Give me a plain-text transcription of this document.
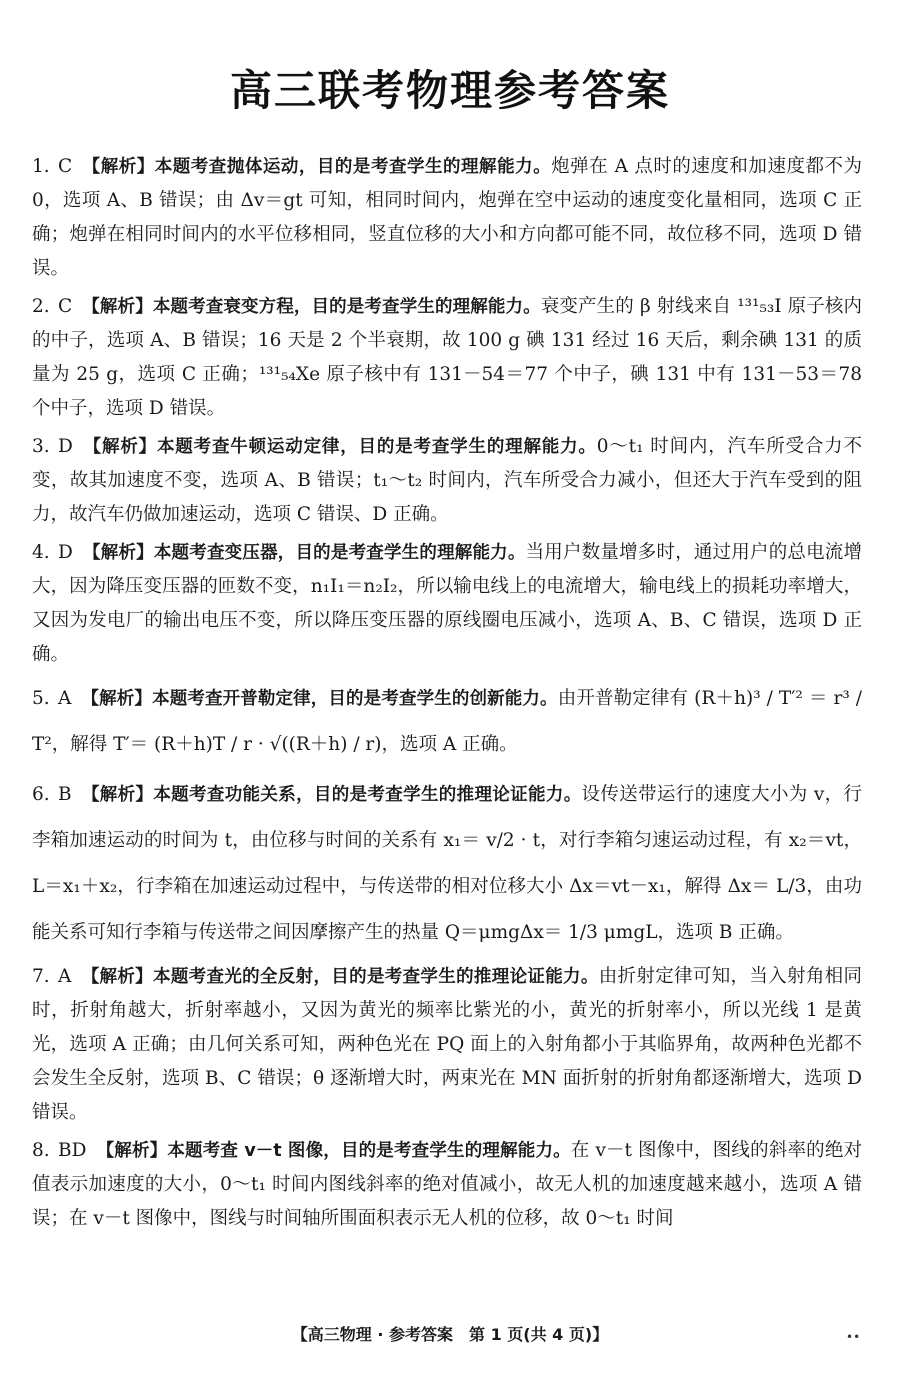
高三联考物理参考答案
1. C 【解析】本题考查抛体运动，目的是考查学生的理解能力。炮弹在 A 点时的速度和加速度都不为 0，选项 A、B 错误；由 Δv＝gt 可知，相同时间内，炮弹在空中运动的速度变化量相同，选项 C 正确；炮弹在相同时间内的水平位移相同，竖直位移的大小和方向都可能不同，故位移不同，选项 D 错误。
2. C 【解析】本题考查衰变方程，目的是考查学生的理解能力。衰变产生的 β 射线来自 ¹³¹₅₃I 原子核内的中子，选项 A、B 错误；16 天是 2 个半衰期，故 100 g 碘 131 经过 16 天后，剩余碘 131 的质量为 25 g，选项 C 正确；¹³¹₅₄Xe 原子核中有 131－54＝77 个中子，碘 131 中有 131－53＝78 个中子，选项 D 错误。
3. D 【解析】本题考查牛顿运动定律，目的是考查学生的理解能力。0～t₁ 时间内，汽车所受合力不变，故其加速度不变，选项 A、B 错误；t₁～t₂ 时间内，汽车所受合力减小，但还大于汽车受到的阻力，故汽车仍做加速运动，选项 C 错误、D 正确。
4. D 【解析】本题考查变压器，目的是考查学生的理解能力。当用户数量增多时，通过用户的总电流增大，因为降压变压器的匝数不变，n₁I₁＝n₂I₂，所以输电线上的电流增大，输电线上的损耗功率增大，又因为发电厂的输出电压不变，所以降压变压器的原线圈电压减小，选项 A、B、C 错误，选项 D 正确。
5. A 【解析】本题考查开普勒定律，目的是考查学生的创新能力。由开普勒定律有 (R＋h)³ / T′² ＝ r³ / T²，解得 T′＝ (R＋h)T / r · √((R＋h) / r)，选项 A 正确。
6. B 【解析】本题考查功能关系，目的是考查学生的推理论证能力。设传送带运行的速度大小为 v，行李箱加速运动的时间为 t，由位移与时间的关系有 x₁＝ v/2 · t，对行李箱匀速运动过程，有 x₂＝vt，L＝x₁＋x₂，行李箱在加速运动过程中，与传送带的相对位移大小 Δx＝vt－x₁，解得 Δx＝ L/3，由功能关系可知行李箱与传送带之间因摩擦产生的热量 Q＝μmgΔx＝ 1/3 μmgL，选项 B 正确。
7. A 【解析】本题考查光的全反射，目的是考查学生的推理论证能力。由折射定律可知，当入射角相同时，折射角越大，折射率越小，又因为黄光的频率比紫光的小，黄光的折射率小，所以光线 1 是黄光，选项 A 正确；由几何关系可知，两种色光在 PQ 面上的入射角都小于其临界角，故两种色光都不会发生全反射，选项 B、C 错误；θ 逐渐增大时，两束光在 MN 面折射的折射角都逐渐增大，选项 D 错误。
8. BD 【解析】本题考查 v－t 图像，目的是考查学生的理解能力。在 v－t 图像中，图线的斜率的绝对值表示加速度的大小，0～t₁ 时间内图线斜率的绝对值减小，故无人机的加速度越来越小，选项 A 错误；在 v－t 图像中，图线与时间轴所围面积表示无人机的位移，故 0～t₁ 时间
【高三物理 · 参考答案　第 1 页(共 4 页)】	••
